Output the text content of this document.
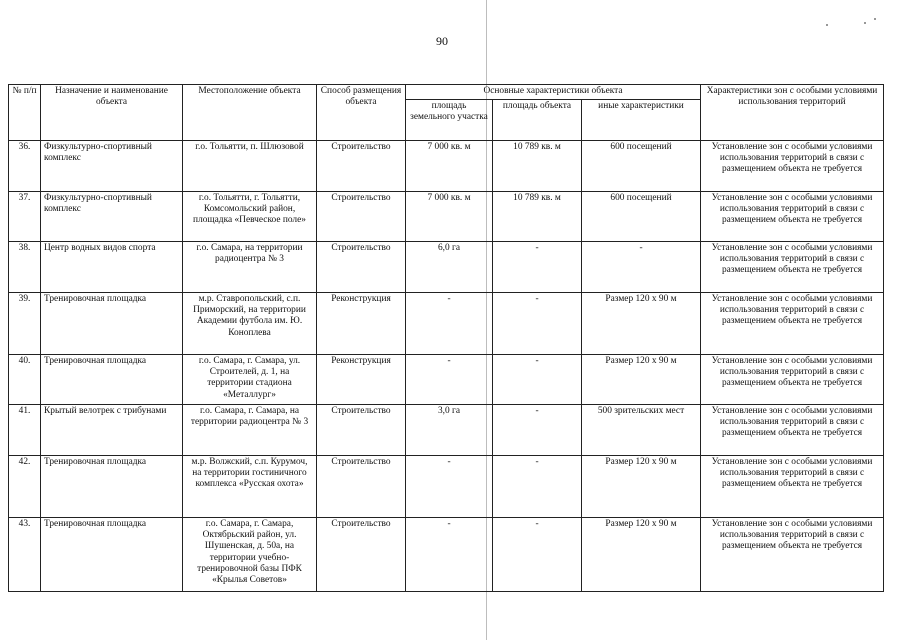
90
№ п/п	Назначение и наименование объекта	Местоположение объекта	Способ размещения объекта	Основные характеристики объекта			Характеристики зон с особыми условиями использования территорий
				площадь земельного участка	площадь объекта	иные характеристики	
36.	Физкультурно-спортивный комплекс	г.о. Тольятти, п. Шлюзовой	Строительство	7 000 кв. м	10 789 кв. м	600 посещений	Установление зон с особыми условиями использования территорий в связи с размещением объекта не требуется
37.	Физкультурно-спортивный комплекс	г.о. Тольятти, г. Тольятти, Комсомольский район, площадка «Певческое поле»	Строительство	7 000 кв. м	10 789 кв. м	600 посещений	Установление зон с особыми условиями использования территорий в связи с размещением объекта не требуется
38.	Центр водных видов спорта	г.о. Самара, на территории радиоцентра № 3	Строительство	6,0 га	-	-	Установление зон с особыми условиями использования территорий в связи с размещением объекта не требуется
39.	Тренировочная площадка	м.р. Ставропольский, с.п. Приморский, на территории Академии футбола им. Ю. Коноплева	Реконструкция	-	-	Размер 120 х 90 м	Установление зон с особыми условиями использования территорий в связи с размещением объекта не требуется
40.	Тренировочная площадка	г.о. Самара, г. Самара, ул. Строителей, д. 1, на территории стадиона «Металлург»	Реконструкция	-	-	Размер 120 х 90 м	Установление зон с особыми условиями использования территорий в связи с размещением объекта не требуется
41.	Крытый велотрек с трибунами	г.о. Самара, г. Самара, на территории радиоцентра № 3	Строительство	3,0 га	-	500 зрительских мест	Установление зон с особыми условиями использования территорий в связи с размещением объекта не требуется
42.	Тренировочная площадка	м.р. Волжский, с.п. Курумоч, на территории гостиничного комплекса «Русская охота»	Строительство	-	-	Размер 120 х 90 м	Установление зон с особыми условиями использования территорий в связи с размещением объекта не требуется
43.	Тренировочная площадка	г.о. Самара, г. Самара, Октябрьский район, ул. Шушенская, д. 50а, на территории учебно-тренировочной базы ПФК «Крылья Советов»	Строительство	-	-	Размер 120 х 90 м	Установление зон с особыми условиями использования территорий в связи с размещением объекта не требуется
